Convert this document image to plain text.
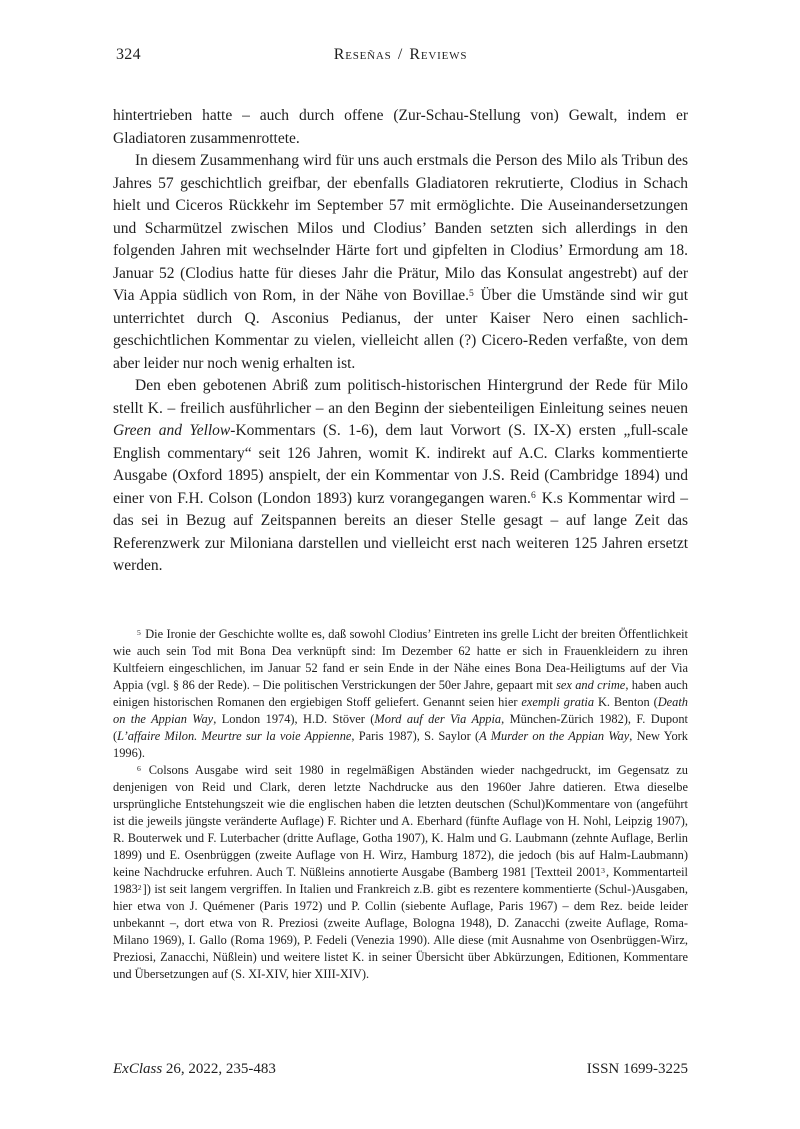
324	Reseñas / Reviews

hintertrieben hatte – auch durch offene (Zur-Schau-Stellung von) Gewalt, indem er Gladiatoren zusammenrottete.

In diesem Zusammenhang wird für uns auch erstmals die Person des Milo als Tribun des Jahres 57 geschichtlich greifbar, der ebenfalls Gladiatoren rekrutierte, Clodius in Schach hielt und Ciceros Rückkehr im September 57 mit ermöglichte. Die Auseinandersetzungen und Scharmützel zwischen Milos und Clodius’ Banden setzten sich allerdings in den folgenden Jahren mit wechselnder Härte fort und gipfelten in Clodius’ Ermordung am 18. Januar 52 (Clodius hatte für dieses Jahr die Prätur, Milo das Konsulat angestrebt) auf der Via Appia südlich von Rom, in der Nähe von Bovillae.$^5$ Über die Umstände sind wir gut unterrichtet durch Q. Asconius Pedianus, der unter Kaiser Nero einen sachlich-geschichtlichen Kommentar zu vielen, vielleicht allen (?) Cicero-Reden verfaßte, von dem aber leider nur noch wenig erhalten ist.

Den eben gebotenen Abriß zum politisch-historischen Hintergrund der Rede für Milo stellt K. – freilich ausführlicher – an den Beginn der siebenteiligen Einleitung seines neuen Green and Yellow-Kommentars (S. 1-6), dem laut Vorwort (S. IX-X) ersten „full-scale English commentary“ seit 126 Jahren, womit K. indirekt auf A.C. Clarks kommentierte Ausgabe (Oxford 1895) anspielt, der ein Kommentar von J.S. Reid (Cambridge 1894) und einer von F.H. Colson (London 1893) kurz vorangegangen waren.$^6$ K.s Kommentar wird – das sei in Bezug auf Zeitspannen bereits an dieser Stelle gesagt – auf lange Zeit das Referenzwerk zur Miloniana darstellen und vielleicht erst nach weiteren 125 Jahren ersetzt werden.

$^5$ Die Ironie der Geschichte wollte es, daß sowohl Clodius’ Eintreten ins grelle Licht der breiten Öffentlichkeit wie auch sein Tod mit Bona Dea verknüpft sind: Im Dezember 62 hatte er sich in Frauenkleidern zu ihren Kultfeiern eingeschlichen, im Januar 52 fand er sein Ende in der Nähe eines Bona Dea-Heiligtums auf der Via Appia (vgl. § 86 der Rede). – Die politischen Verstrickungen der 50er Jahre, gepaart mit sex and crime, haben auch einigen historischen Romanen den ergiebigen Stoff geliefert. Genannt seien hier exempli gratia K. Benton (Death on the Appian Way, London 1974), H.D. Stöver (Mord auf der Via Appia, München-Zürich 1982), F. Dupont (L’affaire Milon. Meurtre sur la voie Appienne, Paris 1987), S. Saylor (A Murder on the Appian Way, New York 1996).

$^6$ Colsons Ausgabe wird seit 1980 in regelmäßigen Abständen wieder nachgedruckt, im Gegensatz zu denjenigen von Reid und Clark, deren letzte Nachdrucke aus den 1960er Jahre datieren. Etwa dieselbe ursprüngliche Entstehungszeit wie die englischen haben die letzten deutschen (Schul)Kommentare von (angeführt ist die jeweils jüngste veränderte Auflage) F. Richter und A. Eberhard (fünfte Auflage von H. Nohl, Leipzig 1907), R. Bouterwek und F. Luterbacher (dritte Auflage, Gotha 1907), K. Halm und G. Laubmann (zehnte Auflage, Berlin 1899) und E. Osenbrüggen (zweite Auflage von H. Wirz, Hamburg 1872), die jedoch (bis auf Halm-Laubmann) keine Nachdrucke erfuhren. Auch T. Nüßleins annotierte Ausgabe (Bamberg 1981 [Textteil 2001$^3$, Kommentarteil 1983$^2$]) ist seit langem vergriffen. In Italien und Frankreich z.B. gibt es rezentere kommentierte (Schul-)Ausgaben, hier etwa von J. Quémener (Paris 1972) und P. Collin (siebente Auflage, Paris 1967) – dem Rez. beide leider unbekannt –, dort etwa von R. Preziosi (zweite Auflage, Bologna 1948), D. Zanacchi (zweite Auflage, Roma-Milano 1969), I. Gallo (Roma 1969), P. Fedeli (Venezia 1990). Alle diese (mit Ausnahme von Osenbrüggen-Wirz, Preziosi, Zanacchi, Nüßlein) und weitere listet K. in seiner Übersicht über Abkürzungen, Editionen, Kommentare und Übersetzungen auf (S. XI-XIV, hier XIII-XIV).

ExClass 26, 2022, 235-483	ISSN 1699-3225
